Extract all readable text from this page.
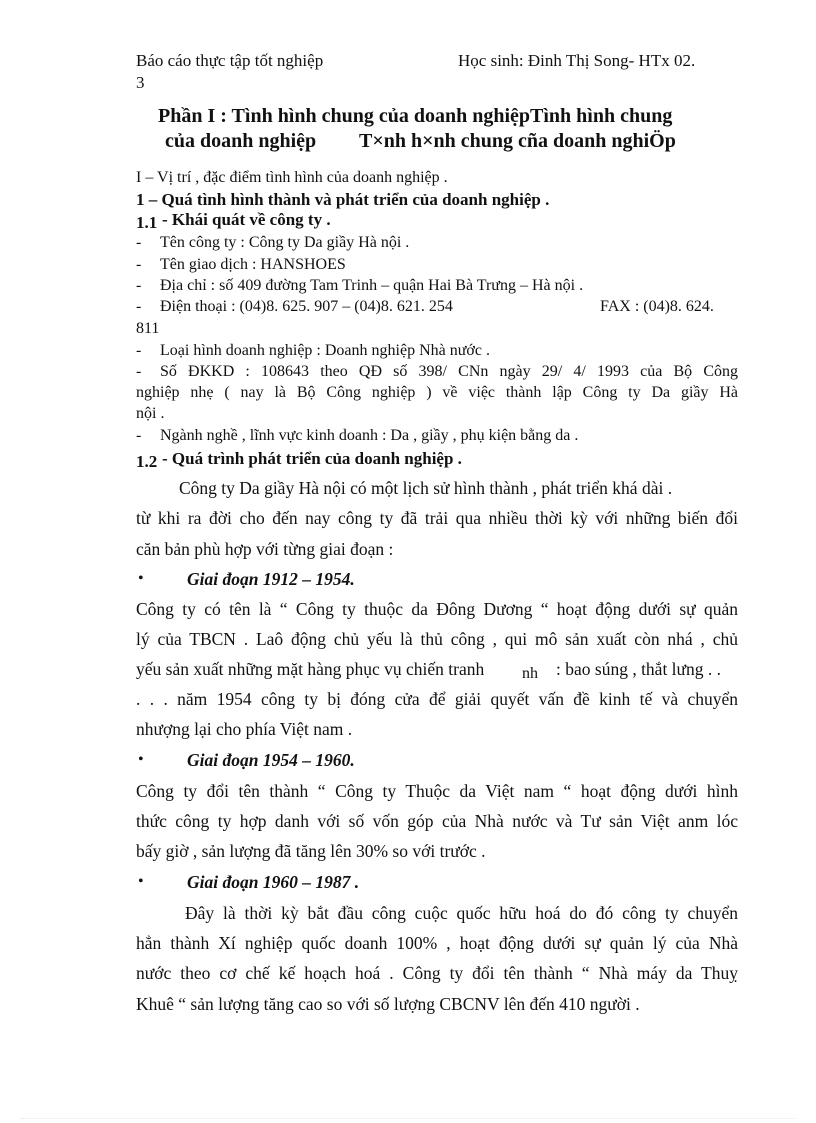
Báo cáo thực tập tốt nghiệp	Học sinh: Đinh Thị Song- HTx 02.
3
Phần I : Tình hình chung của doanh nghiệpTình hình chung
của doanh nghiệp T×nh h×nh chung cña doanh nghiÖp
I – Vị trí , đặc điểm tình hình của doanh nghiệp .
1 – Quá tình hình thành và phát triển của doanh nghiệp .
1.1 - Khái quát về công ty .
- Tên công ty : Công ty Da giầy Hà nội .
- Tên giao dịch : HANSHOES
- Địa chỉ : số 409 đường Tam Trinh – quận Hai Bà Trưng – Hà nội .
- Điện thoại : (04)8. 625. 907 – (04)8. 621. 254	FAX : (04)8. 624.
811
- Loại hình doanh nghiệp : Doanh nghiệp Nhà nước .
- Số ĐKKD : 108643 theo QĐ số 398/ CNn ngày 29/ 4/ 1993 của Bộ Công
nghiệp nhẹ ( nay là Bộ Công nghiệp ) về việc thành lập Công ty Da giầy Hà
nội .
- Ngành nghề , lĩnh vực kinh doanh : Da , giầy , phụ kiện bằng da .
1.2 - Quá trình phát triển của doanh nghiệp .
Công ty Da giầy Hà nội có một lịch sử hình thành , phát triển khá dài .
từ khi ra đời cho đến nay công ty đã trải qua nhiều thời kỳ với những biến đổi
căn bản phù hợp với từng giai đoạn :
• Giai đoạn 1912 – 1954.
Công ty có tên là “ Công ty thuộc da Đông Dương “ hoạt động dưới sự quản
lý của TBCN . Laô động chủ yếu là thủ công , qui mô sản xuất còn nhá , chủ
yếu sản xuất những mặt hàng phục vụ chiến tranh nh : bao súng , thắt lưng . .
. . . năm 1954 công ty bị đóng cửa để giải quyết vấn đề kinh tế và chuyển
nhượng lại cho phía Việt nam .
• Giai đoạn 1954 – 1960.
Công ty đổi tên thành “ Công ty Thuộc da Việt nam “ hoạt động dưới hình
thức công ty hợp danh với số vốn góp của Nhà nước và Tư sản Việt anm lóc
bấy giờ , sản lượng đã tăng lên 30% so với trước .
• Giai đoạn 1960 – 1987 .
Đây là thời kỳ bắt đầu công cuộc quốc hữu hoá do đó công ty chuyển
hẳn thành Xí nghiệp quốc doanh 100% , hoạt động dưới sự quản lý của Nhà
nước theo cơ chế kế hoạch hoá . Công ty đổi tên thành “ Nhà máy da Thuỵ
Khuê “ sản lượng tăng cao so với số lượng CBCNV lên đến 410 người .
